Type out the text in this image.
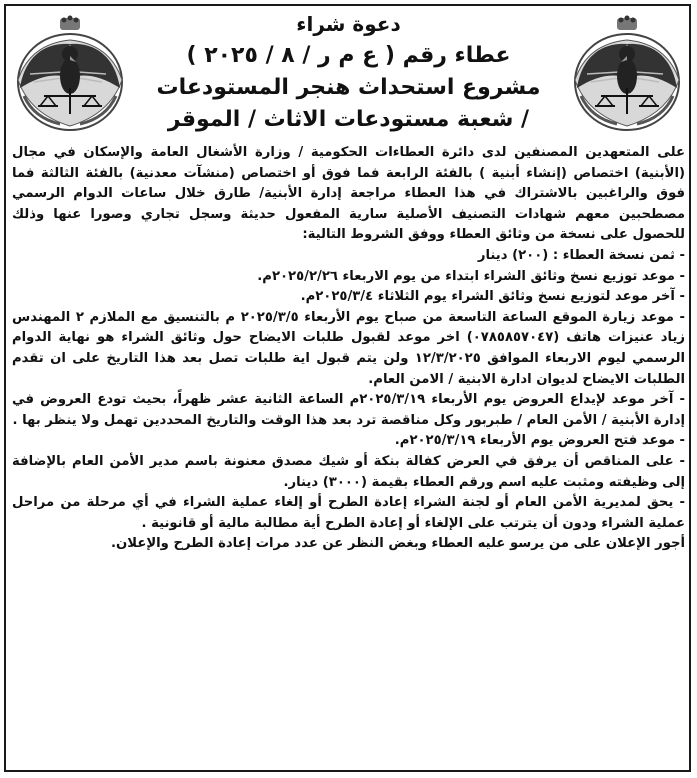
دعوة شراء
عطاء رقم ( ع م ر / ٨ / ٢٠٢٥ )
مشروع استحداث هنجر المستودعات
/ شعبة مستودعات الاثاث / الموقر

على المتعهدين المصنفين لدى دائرة العطاءات الحكومية / وزارة الأشغال العامة والإسكان في مجال (الأبنية) اختصاص (إنشاء أبنية ) بالفئة الرابعة فما فوق أو اختصاص (منشآت معدنية) بالفئة الثالثة فما فوق والراغبين بالاشتراك في هذا العطاء مراجعة إدارة الأبنية/ طارق خلال ساعات الدوام الرسمي مصطحبين معهم شهادات التصنيف الأصلية سارية المفعول حديثة وسجل تجاري وصورا عنها وذلك للحصول على نسخة من وثائق العطاء ووفق الشروط التالية:

- ثمن نسخة العطاء : (٢٠٠) دينار

- موعد توزيع نسخ وثائق الشراء ابتداء من يوم الاربعاء ٢٠٢٥/٢/٢٦م.

- آخر موعد لتوزيع نسخ وثائق الشراء يوم الثلاثاء ٢٠٢٥/٣/٤م.

- موعد زيارة الموقع الساعة التاسعة من صباح يوم الأربعاء ٢٠٢٥/٣/٥ م بالتنسيق مع الملازم ٢ المهندس زياد عنيزات هاتف (٠٧٨٥٨٥٧٠٤٧) اخر موعد لقبول طلبات الايضاح حول وثائق الشراء هو نهاية الدوام الرسمي ليوم الاربعاء الموافق ١٢/٣/٢٠٢٥ ولن يتم قبول اية طلبات تصل بعد هذا التاريخ على ان تقدم الطلبات الايضاح لديوان ادارة الابنية / الامن العام.

- آخر موعد لإيداع العروض يوم الأربعاء ٢٠٢٥/٣/١٩م الساعة الثانية عشر ظهراً، بحيث تودع العروض في إدارة الأبنية / الأمن العام / طبربور وكل مناقصة ترد بعد هذا الوقت والتاريخ المحددين تهمل ولا ينظر بها .

- موعد فتح العروض يوم الأربعاء ٢٠٢٥/٣/١٩م.

- على المناقص أن يرفق في العرض كفالة بنكة أو شيك مصدق معنونة باسم مدير الأمن العام بالإضافة إلى وظيفته ومثبت عليه اسم ورقم العطاء بقيمة (٣٠٠٠) دينار.

- يحق لمديرية الأمن العام أو لجنة الشراء إعادة الطرح أو إلغاء عملية الشراء في أي مرحلة من مراحل عملية الشراء ودون أن يترتب على الإلغاء أو إعادة الطرح أية مطالبة مالية أو قانونية .

أجور الإعلان على من يرسو عليه العطاء وبغض النظر عن عدد مرات إعادة الطرح والإعلان.
